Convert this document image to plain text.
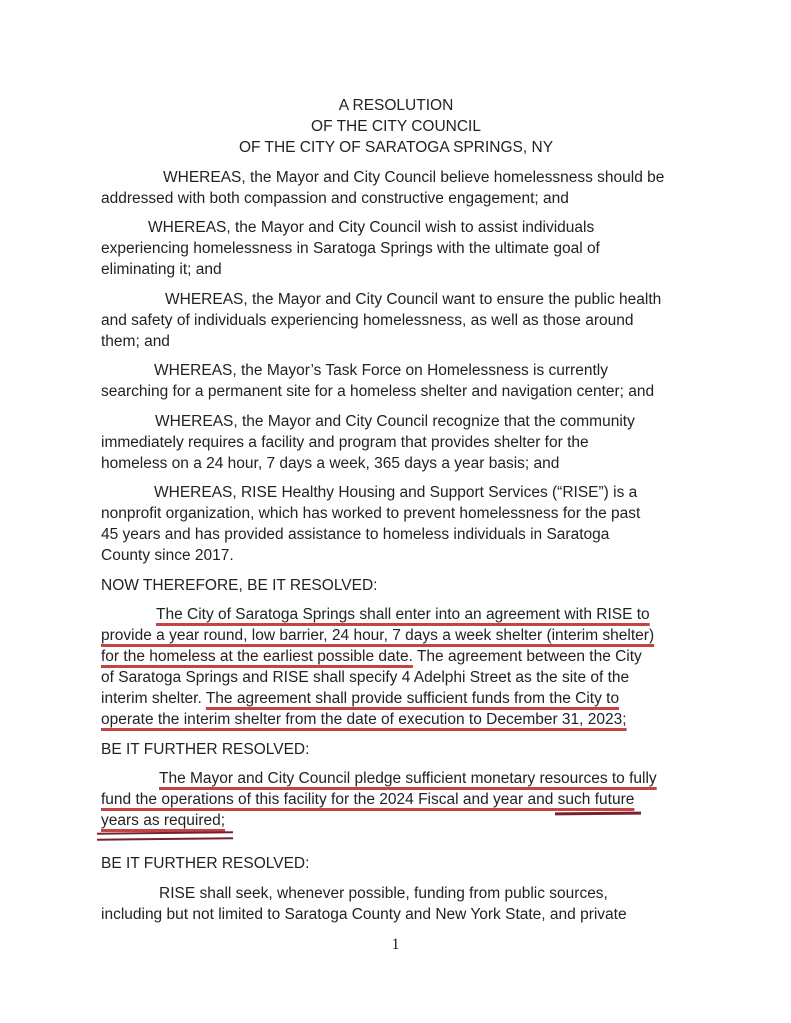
A RESOLUTION
OF THE CITY COUNCIL
OF THE CITY OF SARATOGA SPRINGS, NY

WHEREAS, the Mayor and City Council believe homelessness should be
addressed with both compassion and constructive engagement; and

WHEREAS, the Mayor and City Council wish to assist individuals
experiencing homelessness in Saratoga Springs with the ultimate goal of
eliminating it; and

WHEREAS, the Mayor and City Council want to ensure the public health
and safety of individuals experiencing homelessness, as well as those around
them; and

WHEREAS, the Mayor’s Task Force on Homelessness is currently
searching for a permanent site for a homeless shelter and navigation center; and

WHEREAS, the Mayor and City Council recognize that the community
immediately requires a facility and program that provides shelter for the
homeless on a 24 hour, 7 days a week, 365 days a year basis; and

WHEREAS, RISE Healthy Housing and Support Services (“RISE”) is a
nonprofit organization, which has worked to prevent homelessness for the past
45 years and has provided assistance to homeless individuals in Saratoga
County since 2017.

NOW THEREFORE, BE IT RESOLVED:

The City of Saratoga Springs shall enter into an agreement with RISE to
provide a year round, low barrier, 24 hour, 7 days a week shelter (interim shelter)
for the homeless at the earliest possible date. The agreement between the City
of Saratoga Springs and RISE shall specify 4 Adelphi Street as the site of the
interim shelter. The agreement shall provide sufficient funds from the City to
operate the interim shelter from the date of execution to December 31, 2023;

BE IT FURTHER RESOLVED:

The Mayor and City Council pledge sufficient monetary resources to fully
fund the operations of this facility for the 2024 Fiscal and year and such future
years as required;

BE IT FURTHER RESOLVED:

RISE shall seek, whenever possible, funding from public sources,
including but not limited to Saratoga County and New York State, and private

1
